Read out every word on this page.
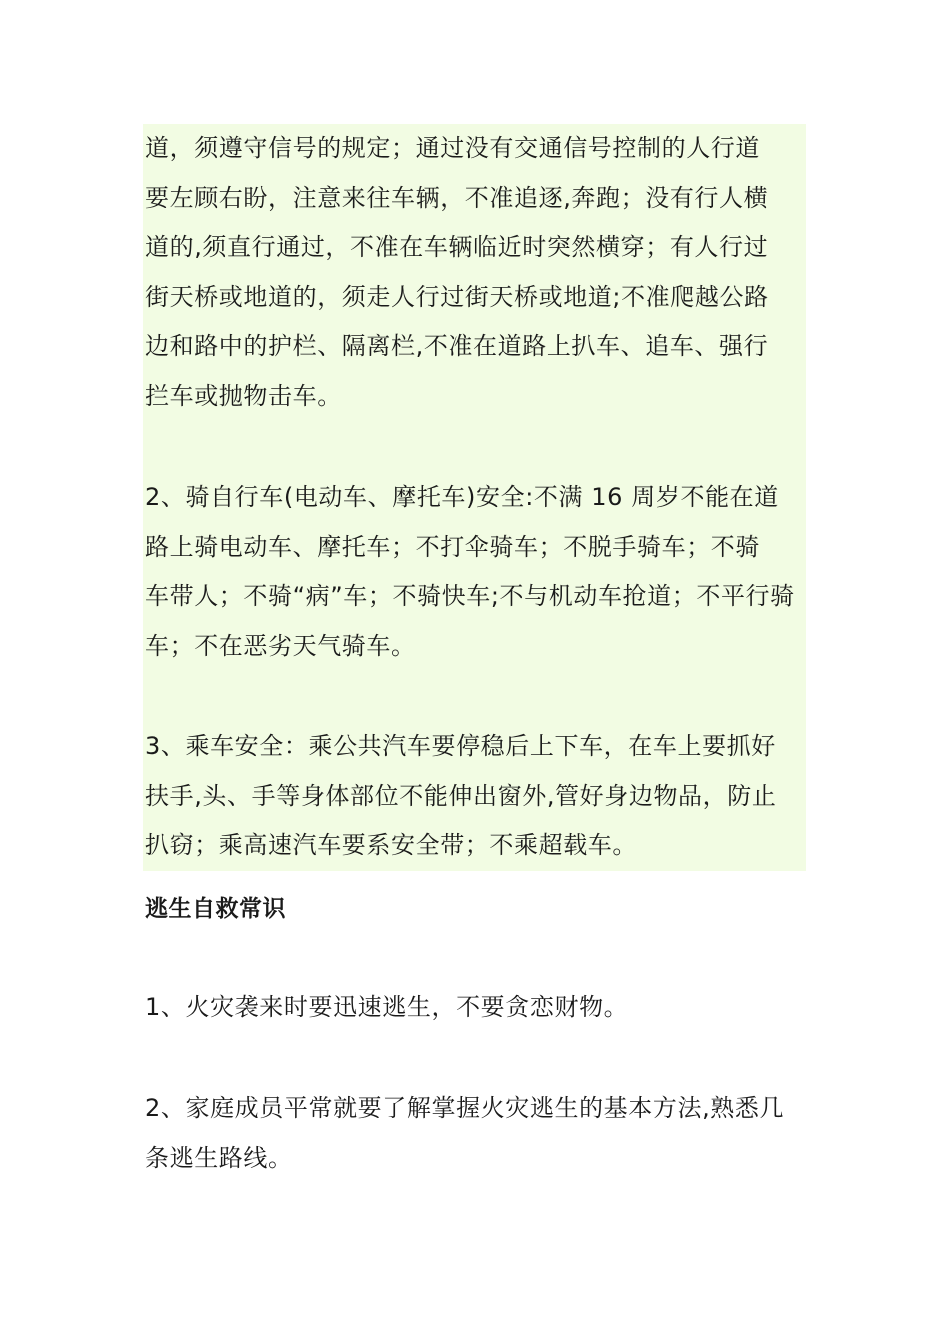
道，须遵守信号的规定；通过没有交通信号控制的人行道
要左顾右盼，注意来往车辆，不准追逐,奔跑；没有行人横
道的,须直行通过，不准在车辆临近时突然横穿；有人行过
街天桥或地道的，须走人行过街天桥或地道;不准爬越公路
边和路中的护栏、隔离栏,不准在道路上扒车、追车、强行
拦车或抛物击车。

2、骑自行车(电动车、摩托车)安全:不满 16 周岁不能在道
路上骑电动车、摩托车；不打伞骑车；不脱手骑车；不骑
车带人；不骑“病”车；不骑快车;不与机动车抢道；不平行骑
车；不在恶劣天气骑车。

3、乘车安全：乘公共汽车要停稳后上下车，在车上要抓好
扶手,头、手等身体部位不能伸出窗外,管好身边物品，防止
扒窃；乘高速汽车要系安全带；不乘超载车。

逃生自救常识

1、火灾袭来时要迅速逃生，不要贪恋财物。

2、家庭成员平常就要了解掌握火灾逃生的基本方法,熟悉几
条逃生路线。
